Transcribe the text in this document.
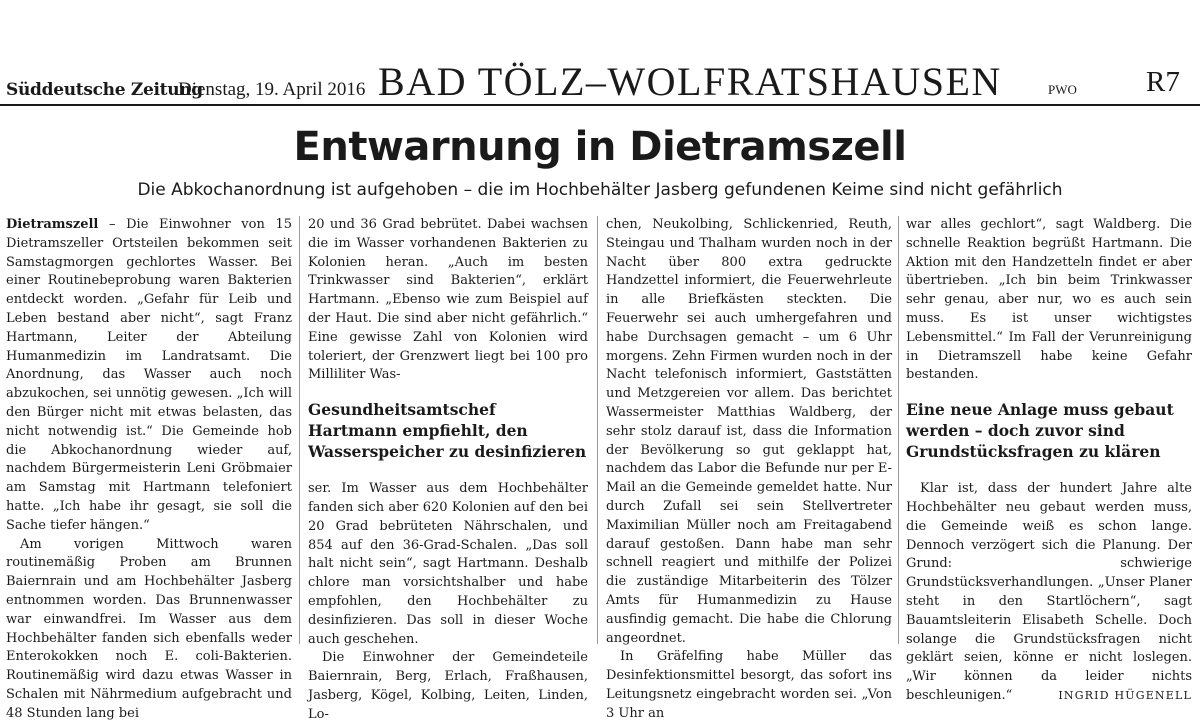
Süddeutsche Zeitung
Dienstag, 19. April 2016 BAD TÖLZ–WOLFRATSHAUSEN	PWO R7
Entwarnung in Dietramszell
Die Abkochanordnung ist aufgehoben – die im Hochbehälter Jasberg gefundenen Keime sind nicht gefährlich

Dietramszell – Die Einwohner von 15 Dietramszeller Ortsteilen bekommen seit Samstagmorgen gechlortes Wasser. Bei einer Routinebeprobung waren Bakterien entdeckt worden. „Gefahr für Leib und Leben bestand aber nicht“, sagt Franz Hartmann, Leiter der Abteilung Humanmedizin im Landratsamt. Die Anordnung, das Wasser auch noch abzukochen, sei unnötig gewesen. „Ich will den Bürger nicht mit etwas belasten, das nicht notwendig ist.“ Die Gemeinde hob die Abkochanordnung wieder auf, nachdem Bürgermeisterin Leni Gröbmaier am Samstag mit Hartmann telefoniert hatte. „Ich habe ihr gesagt, sie soll die Sache tiefer hängen.“

Am vorigen Mittwoch waren routinemäßig Proben am Brunnen Baiernrain und am Hochbehälter Jasberg entnommen worden. Das Brunnenwasser war einwandfrei. Im Wasser aus dem Hochbehälter fanden sich ebenfalls weder Enterokokken noch E. coli-Bakterien. Routinemäßig wird dazu etwas Wasser in Schalen mit Nährmedium aufgebracht und 48 Stunden lang bei

20 und 36 Grad bebrütet. Dabei wachsen die im Wasser vorhandenen Bakterien zu Kolonien heran. „Auch im besten Trinkwasser sind Bakterien“, erklärt Hartmann. „Ebenso wie zum Beispiel auf der Haut. Die sind aber nicht gefährlich.“ Eine gewisse Zahl von Kolonien wird toleriert, der Grenzwert liegt bei 100 pro Milliliter Was-

Gesundheitsamtschef Hartmann empfiehlt, den Wasserspeicher zu desinfizieren

ser. Im Wasser aus dem Hochbehälter fanden sich aber 620 Kolonien auf den bei 20 Grad bebrüteten Nährschalen, und 854 auf den 36-Grad-Schalen. „Das soll halt nicht sein“, sagt Hartmann. Deshalb chlore man vorsichtshalber und habe empfohlen, den Hochbehälter zu desinfizieren. Das soll in dieser Woche auch geschehen.

Die Einwohner der Gemeindeteile Baiernrain, Berg, Erlach, Fraßhausen, Jasberg, Kögel, Kolbing, Leiten, Linden, Lo-

chen, Neukolbing, Schlickenried, Reuth, Steingau und Thalham wurden noch in der Nacht über 800 extra gedruckte Handzettel informiert, die Feuerwehrleute in alle Briefkästen steckten. Die Feuerwehr sei auch umhergefahren und habe Durchsagen gemacht – um 6 Uhr morgens. Zehn Firmen wurden noch in der Nacht telefonisch informiert, Gaststätten und Metzgereien vor allem. Das berichtet Wassermeister Matthias Waldberg, der sehr stolz darauf ist, dass die Information der Bevölkerung so gut geklappt hat, nachdem das Labor die Befunde nur per E-Mail an die Gemeinde gemeldet hatte. Nur durch Zufall sei sein Stellvertreter Maximilian Müller noch am Freitagabend darauf gestoßen. Dann habe man sehr schnell reagiert und mithilfe der Polizei die zuständige Mitarbeiterin des Tölzer Amts für Humanmedizin zu Hause ausfindig gemacht. Die habe die Chlorung angeordnet.

In Gräfelfing habe Müller das Desinfektionsmittel besorgt, das sofort ins Leitungsnetz eingebracht worden sei. „Von 3 Uhr an

war alles gechlort“, sagt Waldberg. Die schnelle Reaktion begrüßt Hartmann. Die Aktion mit den Handzetteln findet er aber übertrieben. „Ich bin beim Trinkwasser sehr genau, aber nur, wo es auch sein muss. Es ist unser wichtigstes Lebensmittel.“ Im Fall der Verunreinigung in Dietramszell habe keine Gefahr bestanden.

Eine neue Anlage muss gebaut werden – doch zuvor sind Grundstücksfragen zu klären

Klar ist, dass der hundert Jahre alte Hochbehälter neu gebaut werden muss, die Gemeinde weiß es schon lange. Dennoch verzögert sich die Planung. Der Grund: schwierige Grundstücksverhandlungen. „Unser Planer steht in den Startlöchern“, sagt Bauamtsleiterin Elisabeth Schelle. Doch solange die Grundstücksfragen nicht geklärt seien, könne er nicht loslegen. „Wir können da leider nichts beschleunigen.“	INGRID HÜGENELL
